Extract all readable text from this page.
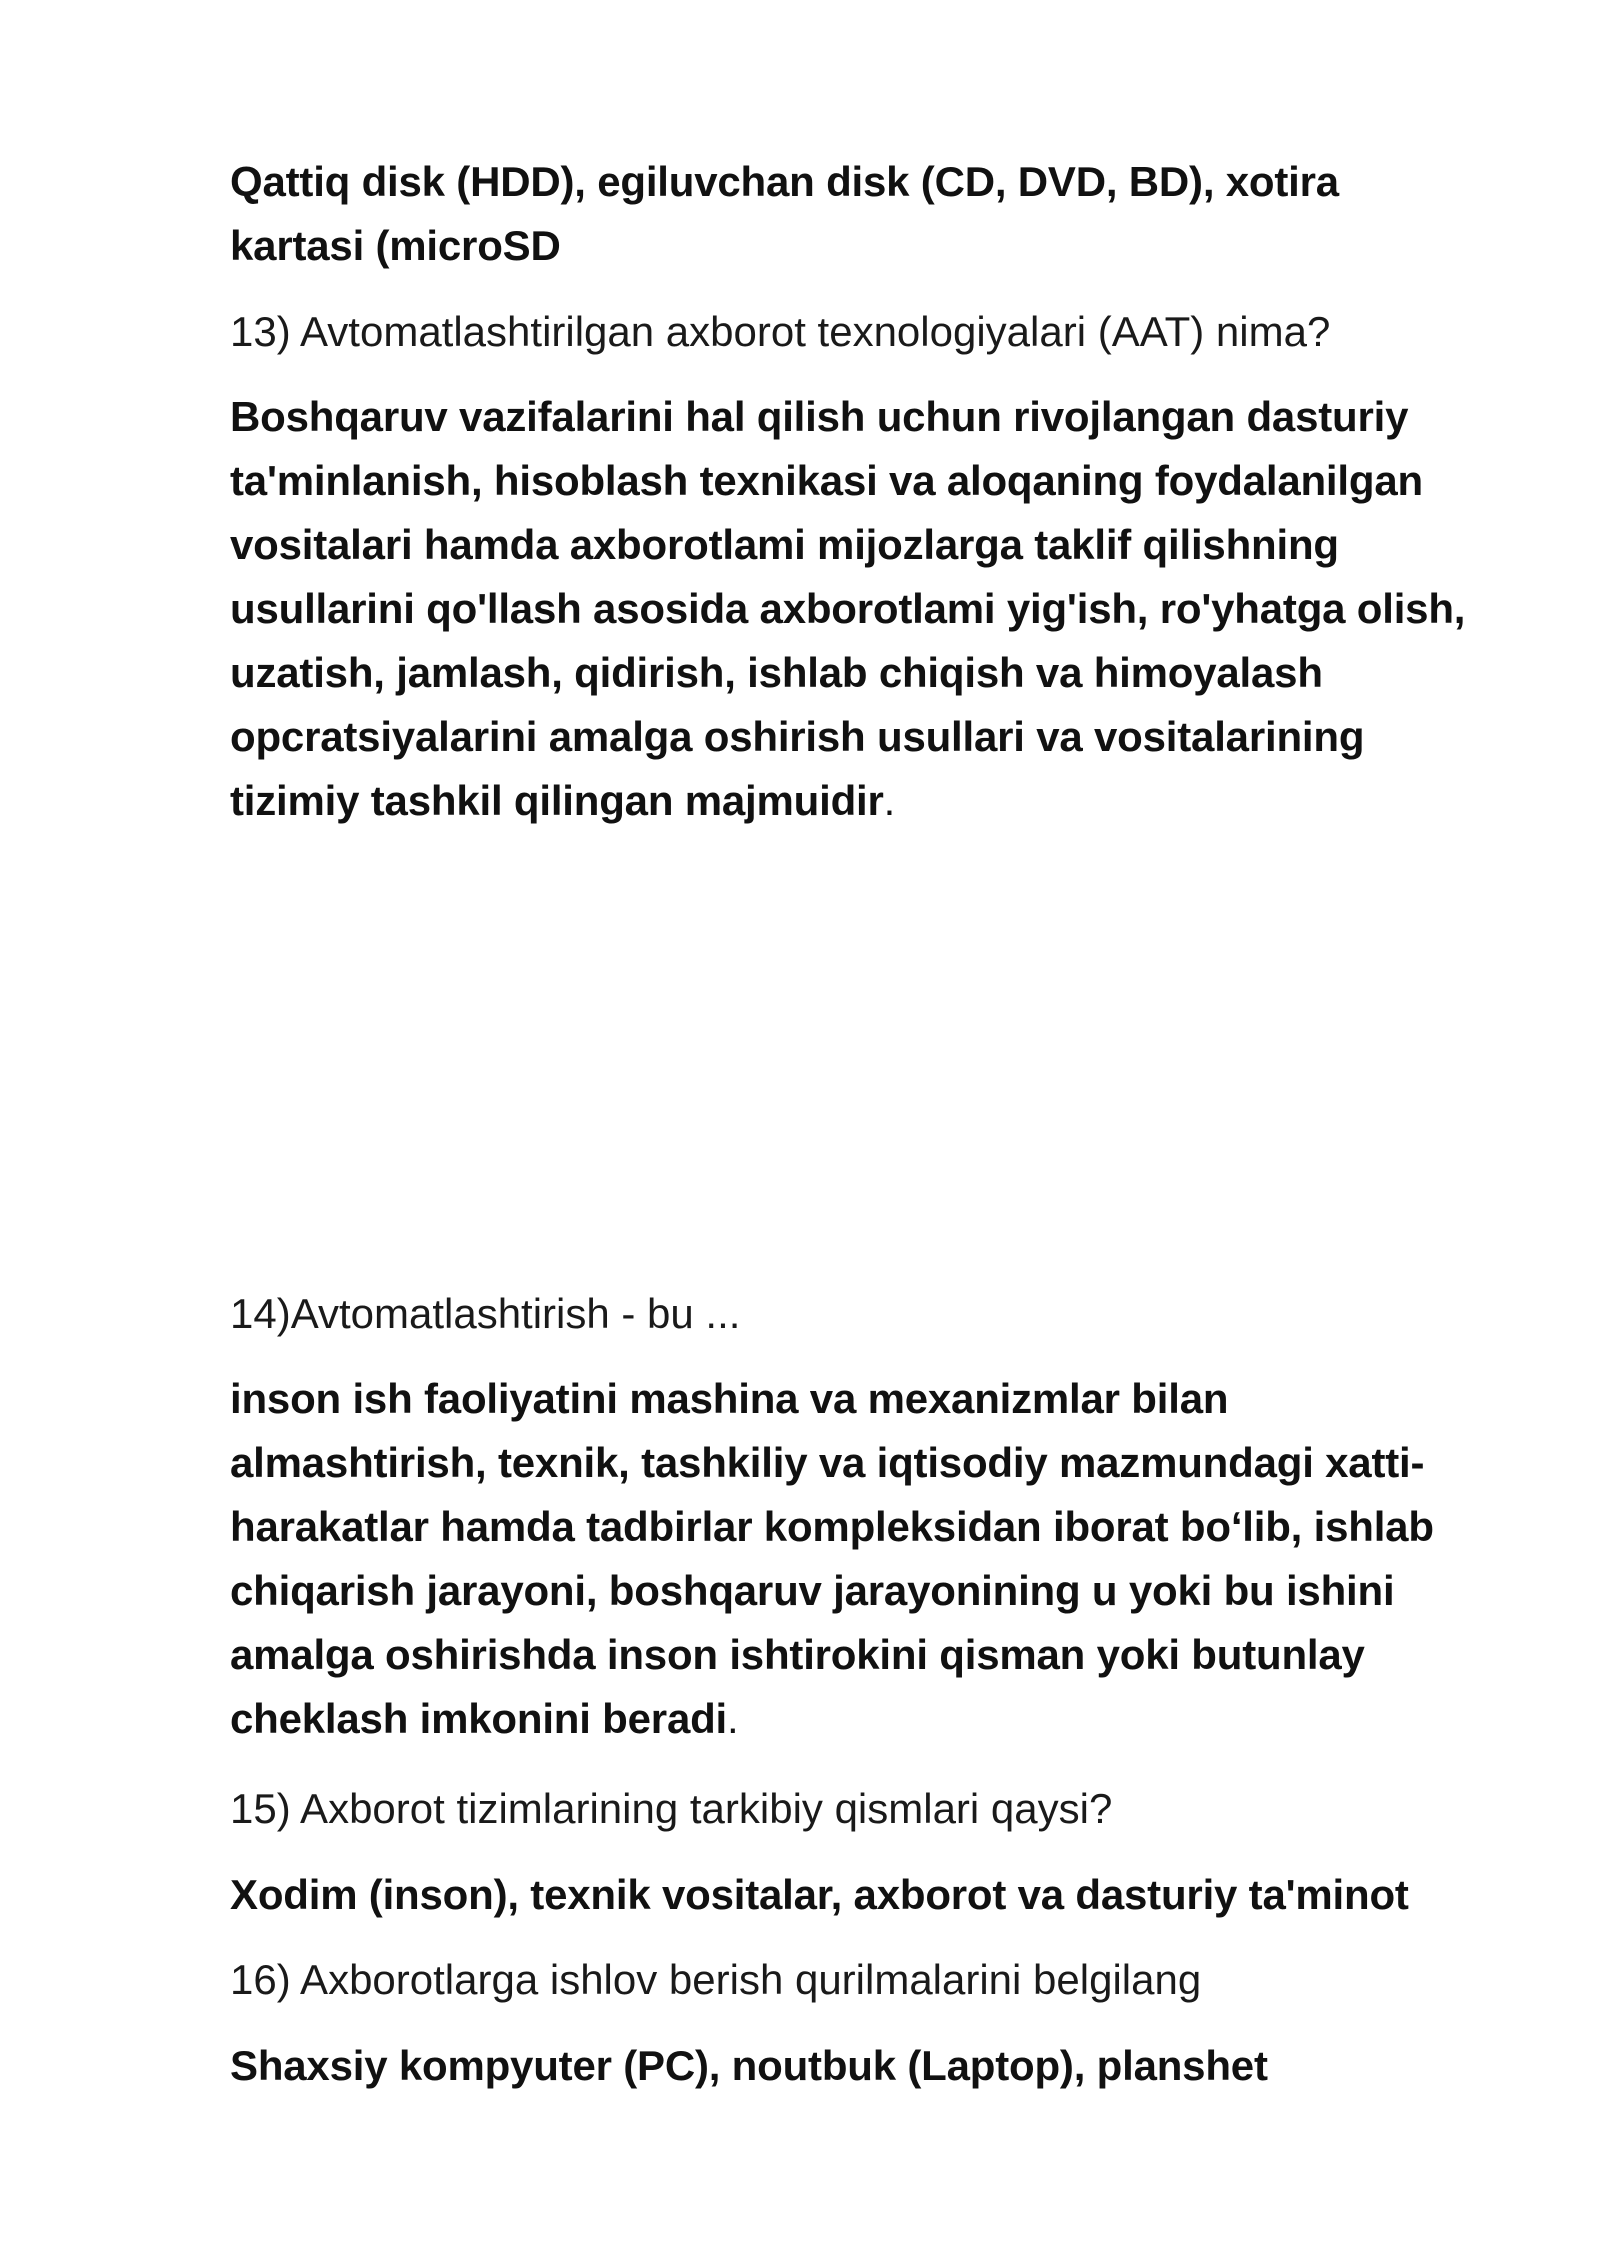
Qattiq disk (HDD), egiluvchan disk (CD, DVD, BD), xotira
kartasi (microSD

13) Avtomatlashtirilgan axborot texnologiyalari (AAT) nima?

Boshqaruv vazifalarini hal qilish uchun rivojlangan dasturiy
ta'minlanish, hisoblash texnikasi va aloqaning foydalanilgan
vositalari hamda axborotlami mijozlarga taklif qilishning
usullarini qo'llash asosida axborotlami yig'ish, ro'yhatga olish,
uzatish, jamlash, qidirish, ishlab chiqish va himoyalash
opcratsiyalarini amalga oshirish usullari va vositalarining
tizimiy tashkil qilingan majmuidir.

14)Avtomatlashtirish - bu ...

inson ish faoliyatini mashina va mexanizmlar bilan
almashtirish, texnik, tashkiliy va iqtisodiy mazmundagi xatti-
harakatlar hamda tadbirlar kompleksidan iborat bo‘lib, ishlab
chiqarish jarayoni, boshqaruv jarayonining u yoki bu ishini
amalga oshirishda inson ishtirokini qisman yoki butunlay
cheklash imkonini beradi.

15) Axborot tizimlarining tarkibiy qismlari qaysi?

Xodim (inson), texnik vositalar, axborot va dasturiy ta'minot

16) Axborotlarga ishlov berish qurilmalarini belgilang

Shaxsiy kompyuter (PC), noutbuk (Laptop), planshet
